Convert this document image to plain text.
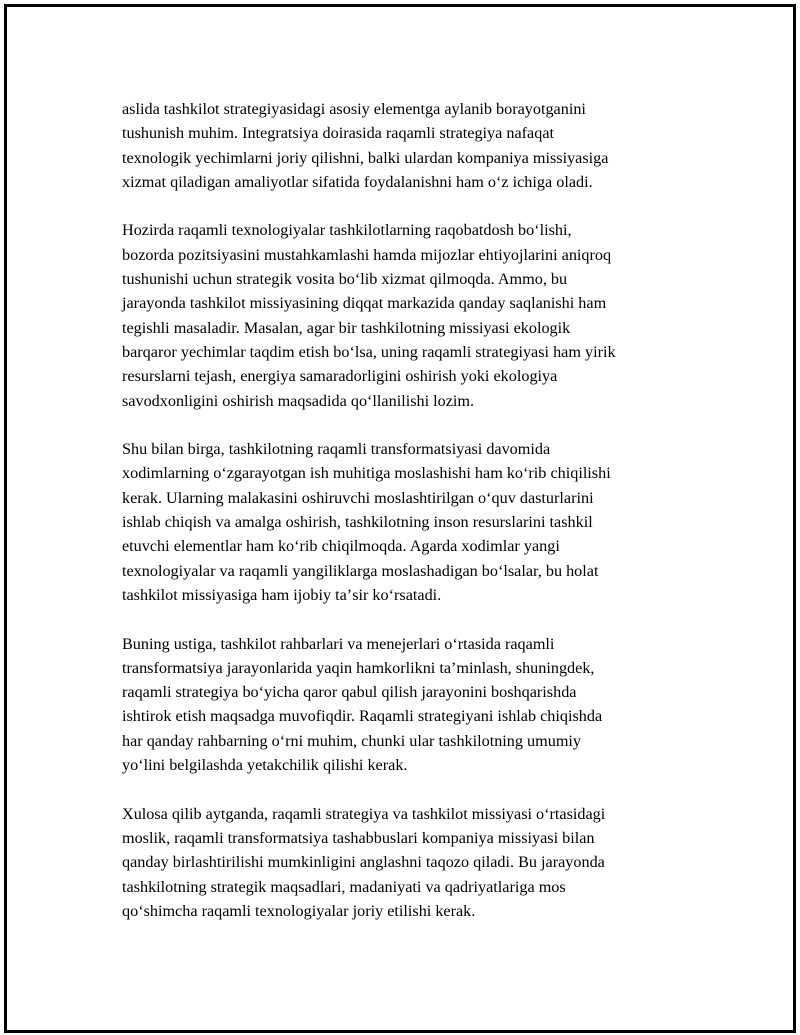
aslida tashkilot strategiyasidagi asosiy elementga aylanib borayotganini
tushunish muhim. Integratsiya doirasida raqamli strategiya nafaqat
texnologik yechimlarni joriy qilishni, balki ulardan kompaniya missiyasiga
xizmat qiladigan amaliyotlar sifatida foydalanishni ham oʻz ichiga oladi.

Hozirda raqamli texnologiyalar tashkilotlarning raqobatdosh boʻlishi,
bozorda pozitsiyasini mustahkamlashi hamda mijozlar ehtiyojlarini aniqroq
tushunishi uchun strategik vosita boʻlib xizmat qilmoqda. Ammo, bu
jarayonda tashkilot missiyasining diqqat markazida qanday saqlanishi ham
tegishli masaladir. Masalan, agar bir tashkilotning missiyasi ekologik
barqaror yechimlar taqdim etish boʻlsa, uning raqamli strategiyasi ham yirik
resurslarni tejash, energiya samaradorligini oshirish yoki ekologiya
savodxonligini oshirish maqsadida qoʻllanilishi lozim.

Shu bilan birga, tashkilotning raqamli transformatsiyasi davomida
xodimlarning oʻzgarayotgan ish muhitiga moslashishi ham koʻrib chiqilishi
kerak. Ularning malakasini oshiruvchi moslashtirilgan oʻquv dasturlarini
ishlab chiqish va amalga oshirish, tashkilotning inson resurslarini tashkil
etuvchi elementlar ham koʻrib chiqilmoqda. Agarda xodimlar yangi
texnologiyalar va raqamli yangiliklarga moslashadigan boʻlsalar, bu holat
tashkilot missiyasiga ham ijobiy taʼsir koʻrsatadi.

Buning ustiga, tashkilot rahbarlari va menejerlari oʻrtasida raqamli
transformatsiya jarayonlarida yaqin hamkorlikni taʼminlash, shuningdek,
raqamli strategiya boʻyicha qaror qabul qilish jarayonini boshqarishda
ishtirok etish maqsadga muvofiqdir. Raqamli strategiyani ishlab chiqishda
har qanday rahbarning oʻrni muhim, chunki ular tashkilotning umumiy
yoʻlini belgilashda yetakchilik qilishi kerak.

Xulosa qilib aytganda, raqamli strategiya va tashkilot missiyasi oʻrtasidagi
moslik, raqamli transformatsiya tashabbuslari kompaniya missiyasi bilan
qanday birlashtirilishi mumkinligini anglashni taqozo qiladi. Bu jarayonda
tashkilotning strategik maqsadlari, madaniyati va qadriyatlariga mos
qoʻshimcha raqamli texnologiyalar joriy etilishi kerak.
